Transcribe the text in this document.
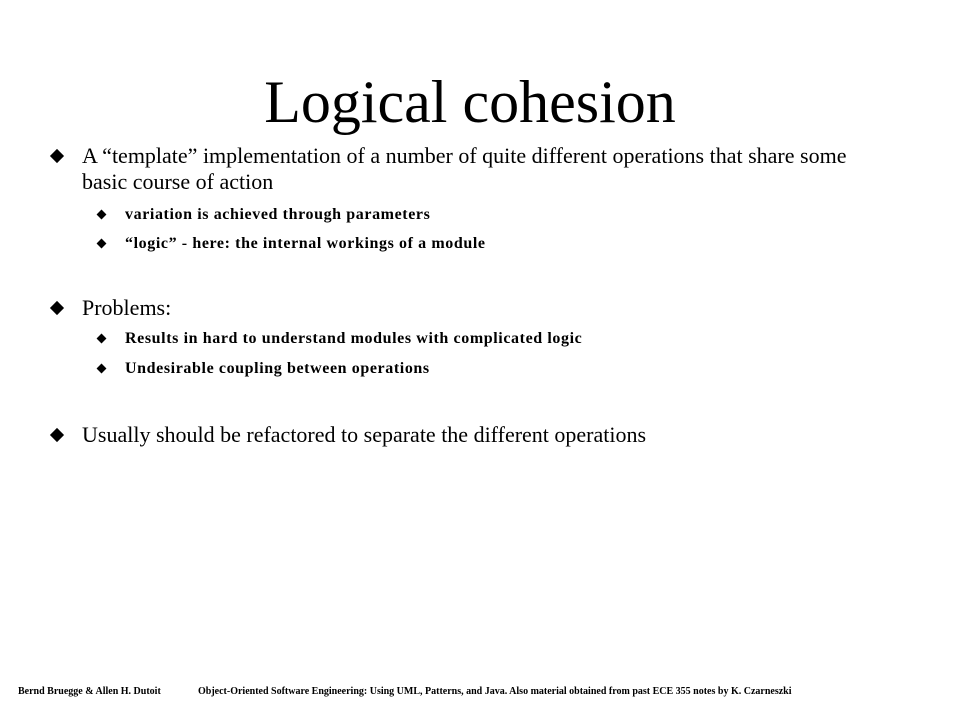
Logical cohesion
A “template” implementation of a number of quite different operations that share some basic course of action
variation is achieved through parameters
“logic” - here: the internal workings of a module
Problems:
Results in hard to understand modules with complicated logic
Undesirable coupling between operations
Usually should be refactored to separate the different operations
Bernd Bruegge & Allen H. Dutoit	Object-Oriented Software Engineering: Using UML, Patterns, and Java. Also material obtained from past ECE 355 notes by K. Czarneszki
